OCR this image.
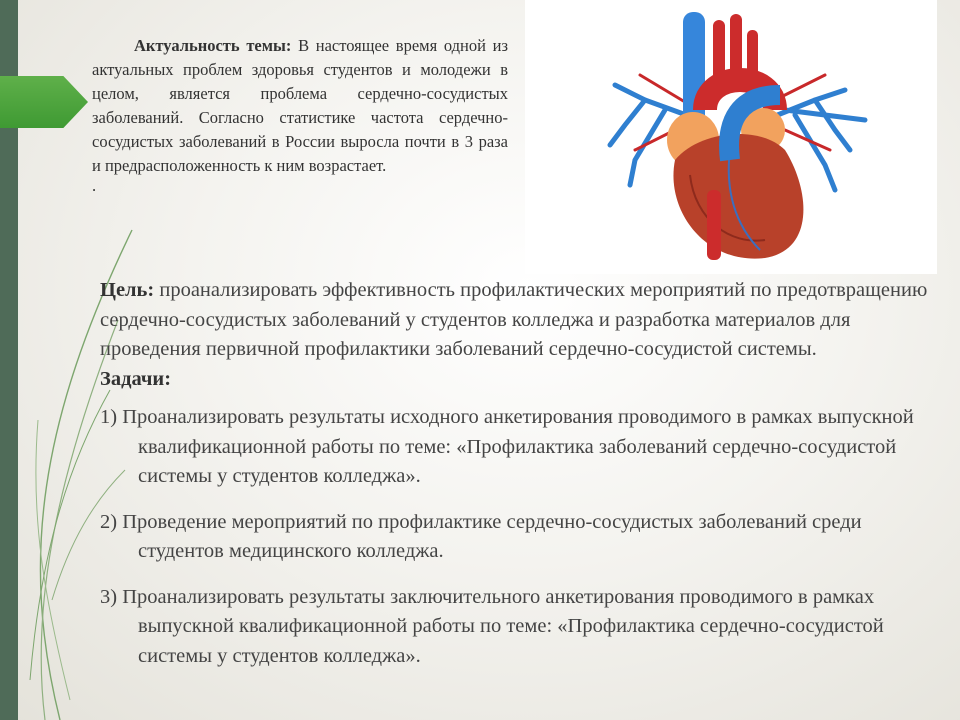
Актуальность темы: В настоящее время одной из актуальных проблем здоровья студентов и молодежи в целом, является проблема сердечно-сосудистых заболеваний. Согласно статистике частота сердечно-сосудистых заболеваний в России выросла почти в 3 раза и предрасположенность к ним возрастает.
.
Цель: проанализировать эффективность профилактических мероприятий по предотвращению сердечно-сосудистых заболеваний у студентов колледжа и разработка материалов для проведения первичной профилактики заболеваний сердечно-сосудистой системы.
Задачи:
1) Проанализировать результаты исходного анкетирования проводимого в рамках выпускной квалификационной работы по теме: «Профилактика заболеваний сердечно-сосудистой системы у студентов колледжа».
2) Проведение мероприятий по профилактике сердечно-сосудистых заболеваний среди студентов медицинского колледжа.
3) Проанализировать результаты заключительного анкетирования проводимого в рамках выпускной квалификационной работы по теме: «Профилактика сердечно-сосудистой системы у студентов колледжа».
